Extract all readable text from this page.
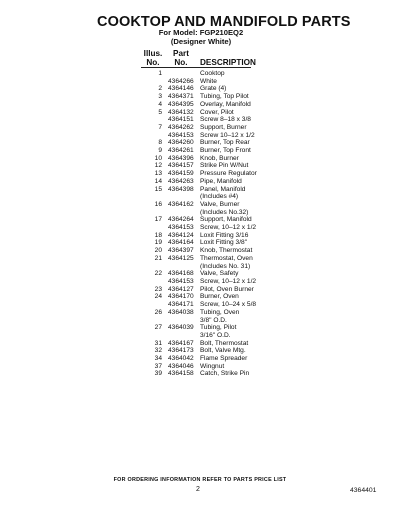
COOKTOP AND MANDIFOLD PARTS
For Model: FGP210EQ2
(Designer White)
Illus.
No.
Part
No.	DESCRIPTION
1	Cooktop
4364266 White
2 4364146 Grate (4)
3 4364371 Tubing, Top Pilot
4 4364395 Overlay, Manifold
5 4364132 Cover, Pilot
4364151 Screw 8–18 x 3/8
7 4364262 Support, Burner
4364153 Screw 10–12 x 1/2
8 4364260 Burner, Top Rear
9 4364261 Burner, Top Front
10 4364396 Knob, Burner
12 4364157 Strike Pin W/Nut
13 4364159 Pressure Regulator
14 4364263 Pipe, Manifold
15 4364398 Panel, Manifold
(Includes #4)
16 4364162 Valve, Burner
(Includes No.32)
17 4364264 Support, Manifold
4364153 Screw, 10–12 x 1/2
18 4364124 Loxit Fitting 3/16
19 4364164 Loxit Fitting 3/8"
20 4364397 Knob, Thermostat
21 4364125 Thermostat, Oven
(Includes No. 31)
22 4364168 Valve, Safety
4364153 Screw, 10–12 x 1/2
23 4364127 Pilot, Oven Burner
24 4364170 Burner, Oven
4364171 Screw, 10–24 x 5/8
26 4364038 Tubing, Oven
3/8" O.D.
27 4364039 Tubing, Pilot
3/16" O.D.
31 4364167 Bolt, Thermostat
32 4364173 Bolt, Valve Mtg.
34 4364042 Flame Spreader
37 4364046 Wingnut
39 4364158 Catch, Strike Pin
FOR ORDERING INFORMATION REFER TO PARTS PRICE LIST
2	4364401
